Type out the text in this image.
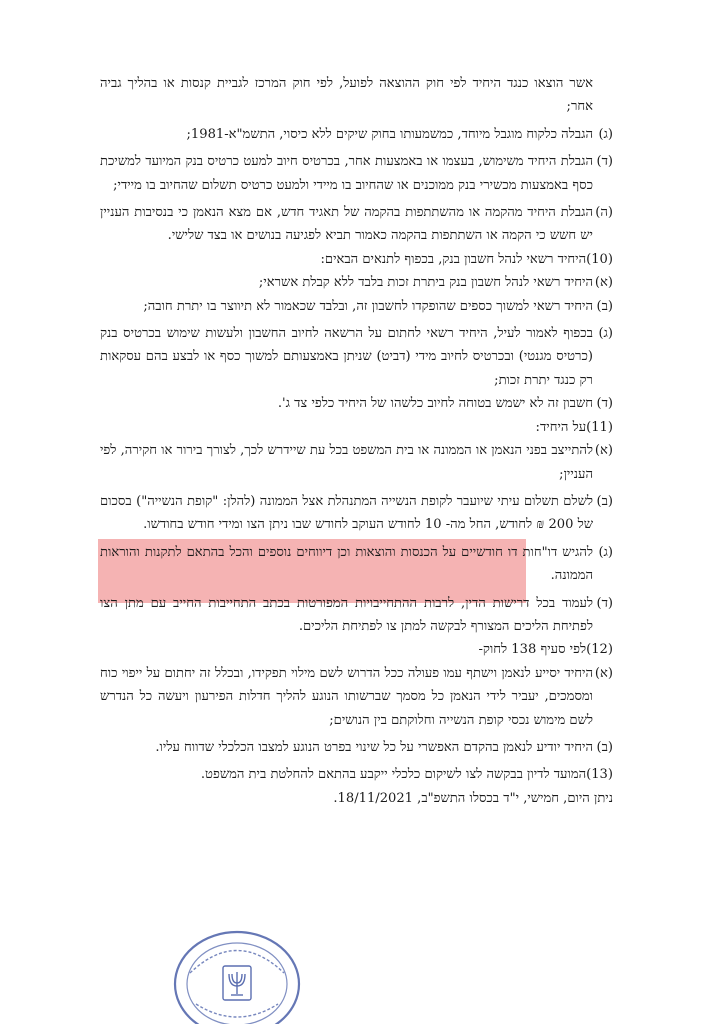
אשר הוצאו כנגד היחיד לפי חוק ההוצאה לפועל, לפי חוק המרכז לגביית קנסות או בהליך גביה אחר;

(ג)
הגבלה כלקוח מוגבל מיוחד, כמשמעותו בחוק שיקים ללא כיסוי, התשמ"א-1981;
(ד)
הגבלת היחיד משימוש, בעצמו או באמצעות אחר, בכרטיס חיוב למעט כרטיס בנק המיועד למשיכת כסף באמצעות מכשירי בנק ממוכנים או שהחיוב בו מיידי ולמעט כרטיס תשלום שהחיוב בו מיידי;
(ה)
הגבלת היחיד מהקמה או מהשתתפות בהקמה של תאגיד חדש, אם מצא הנאמן כי בנסיבות העניין יש חשש כי הקמה או השתתפות בהקמה כאמור תביא לפגיעה בנושים או בצד שלישי.

(10)היחיד רשאי לנהל חשבון בנק, בכפוף לתנאים הבאים:

(א)
היחיד רשאי לנהל חשבון בנק ביתרת זכות בלבד ללא קבלת אשראי;
(ב)
היחיד רשאי למשוך כספים שהופקדו לחשבון זה, ובלבד שכאמור לא תיווצר בו יתרת חובה;
(ג)
בכפוף לאמור לעיל, היחיד רשאי לחתום על הרשאה לחיוב החשבון ולעשות שימוש בכרטיס בנק (כרטיס מגנטי) ובכרטיס לחיוב מידי (דביט) שניתן באמצעותם למשוך כסף או לבצע בהם עסקאות רק כנגד יתרת זכות;
(ד)
חשבון זה לא ישמש בטוחה לחיוב כלשהו של היחיד כלפי צד ג'.

(11)על היחיד:

(א)
להתייצב בפני הנאמן או הממונה או בית המשפט בכל עת שיידרש לכך, לצורך בירור או חקירה, לפי העניין;
(ב)
לשלם תשלום עיתי שיועבר לקופת הנשייה המתנהלת אצל הממונה (להלן: "קופת הנשייה") בסכום של 200 ₪ לחודש, החל מה- 10 לחודש העוקב לחודש שבו ניתן הצו ומידי חודש בחודשו.
(ג)
להגיש דו"חות דו חודשיים על הכנסות והוצאות וכן דיווחים נוספים והכל בהתאם לתקנות והוראות הממונה.
(ד)
לעמוד בכל דרישות הדין, לרבות ההתחייבויות המפורטות בכתב התחייבות החייב עם מתן הצו לפתיחת הליכים המצורף לבקשה למתן צו לפתיחת הליכים.

(12)לפי סעיף 138 לחוק-

(א)
היחיד יסייע לנאמן וישתף עמו פעולה ככל הדרוש לשם מילוי תפקידו, ובכלל זה יחתום על ייפוי כוח ומסמכים, יעביר לידי הנאמן כל מסמך שברשותו הנוגע להליך חדלות הפירעון ויעשה כל הנדרש לשם מימוש נכסי קופת הנשייה וחלוקתם בין הנושים;
(ב)
היחיד יודיע לנאמן בהקדם האפשרי על כל שינוי בפרט הנוגע למצבו הכלכלי שדווח עליו.

(13)המועד לדיון בבקשה לצו לשיקום כלכלי ייקבע בהתאם להחלטת בית המשפט.

ניתן היום, חמישי, י"ד בכסלו התשפ"ב, 18/11/2021.
